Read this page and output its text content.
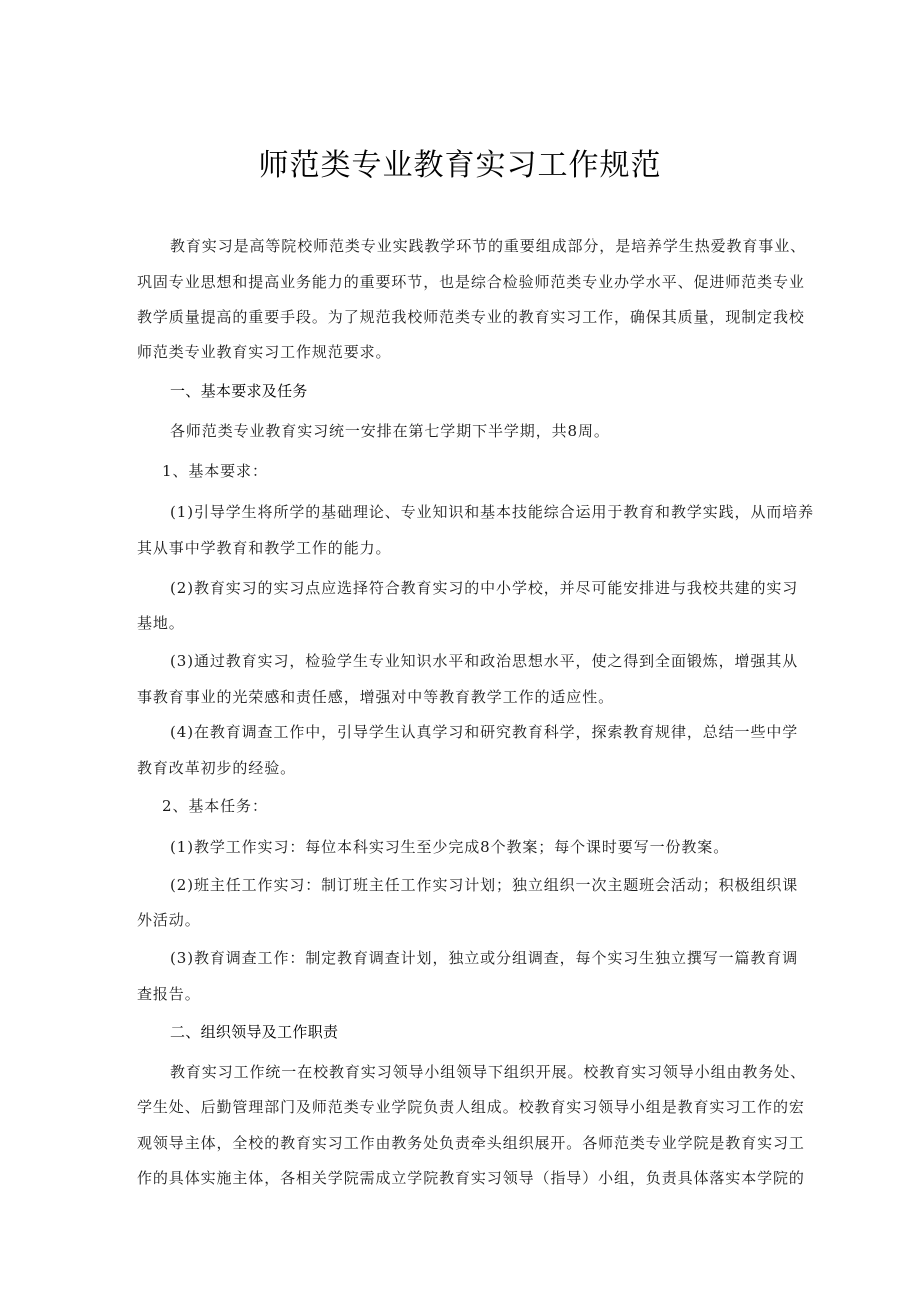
师范类专业教育实习工作规范
教育实习是高等院校师范类专业实践教学环节的重要组成部分，是培养学生热爱教育事业、
巩固专业思想和提高业务能力的重要环节，也是综合检验师范类专业办学水平、促进师范类专业
教学质量提高的重要手段。为了规范我校师范类专业的教育实习工作，确保其质量，现制定我校
师范类专业教育实习工作规范要求。
一、基本要求及任务
各师范类专业教育实习统一安排在第七学期下半学期，共8周。
1、基本要求：
(1)引导学生将所学的基础理论、专业知识和基本技能综合运用于教育和教学实践，从而培养
其从事中学教育和教学工作的能力。
(2)教育实习的实习点应选择符合教育实习的中小学校，并尽可能安排进与我校共建的实习
基地。
(3)通过教育实习，检验学生专业知识水平和政治思想水平，使之得到全面锻炼，增强其从
事教育事业的光荣感和责任感，增强对中等教育教学工作的适应性。
(4)在教育调查工作中，引导学生认真学习和研究教育科学，探索教育规律，总结一些中学
教育改革初步的经验。
2、基本任务：
(1)教学工作实习：每位本科实习生至少完成8个教案；每个课时要写一份教案。
(2)班主任工作实习：制订班主任工作实习计划；独立组织一次主题班会活动；积极组织课
外活动。
(3)教育调查工作：制定教育调查计划，独立或分组调查，每个实习生独立撰写一篇教育调
查报告。
二、组织领导及工作职责
教育实习工作统一在校教育实习领导小组领导下组织开展。校教育实习领导小组由教务处、
学生处、后勤管理部门及师范类专业学院负责人组成。校教育实习领导小组是教育实习工作的宏
观领导主体，全校的教育实习工作由教务处负责牵头组织展开。各师范类专业学院是教育实习工
作的具体实施主体，各相关学院需成立学院教育实习领导（指导）小组，负责具体落实本学院的
